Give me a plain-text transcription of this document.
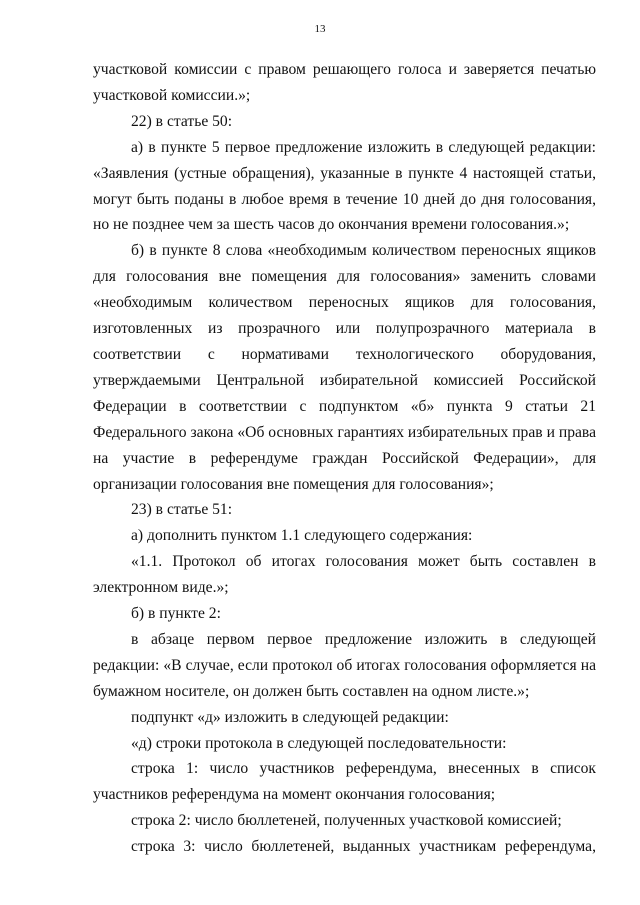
13

участковой комиссии с правом решающего голоса и заверяется печатью участковой комиссии.»;

22) в статье 50:

а) в пункте 5 первое предложение изложить в следующей редакции: «Заявления (устные обращения), указанные в пункте 4 настоящей статьи, могут быть поданы в любое время в течение 10 дней до дня голосования, но не позднее чем за шесть часов до окончания времени голосования.»;

б) в пункте 8 слова «необходимым количеством переносных ящиков для голосования вне помещения для голосования» заменить словами «необходимым количеством переносных ящиков для голосования, изготовленных из прозрачного или полупрозрачного материала в соответствии с нормативами технологического оборудования, утверждаемыми Центральной избирательной комиссией Российской Федерации в соответствии с подпунктом «б» пункта 9 статьи 21 Федерального закона «Об основных гарантиях избирательных прав и права на участие в референдуме граждан Российской Федерации», для организации голосования вне помещения для голосования»;

23) в статье 51:

а) дополнить пунктом 1.1 следующего содержания:

«1.1. Протокол об итогах голосования может быть составлен в электронном виде.»;

б) в пункте 2:

в абзаце первом первое предложение изложить в следующей редакции: «В случае, если протокол об итогах голосования оформляется на бумажном носителе, он должен быть составлен на одном листе.»;

подпункт «д» изложить в следующей редакции:

«д) строки протокола в следующей последовательности:

строка 1: число участников референдума, внесенных в список участников референдума на момент окончания голосования;

строка 2: число бюллетеней, полученных участковой комиссией;

строка 3: число бюллетеней, выданных участникам референдума,
